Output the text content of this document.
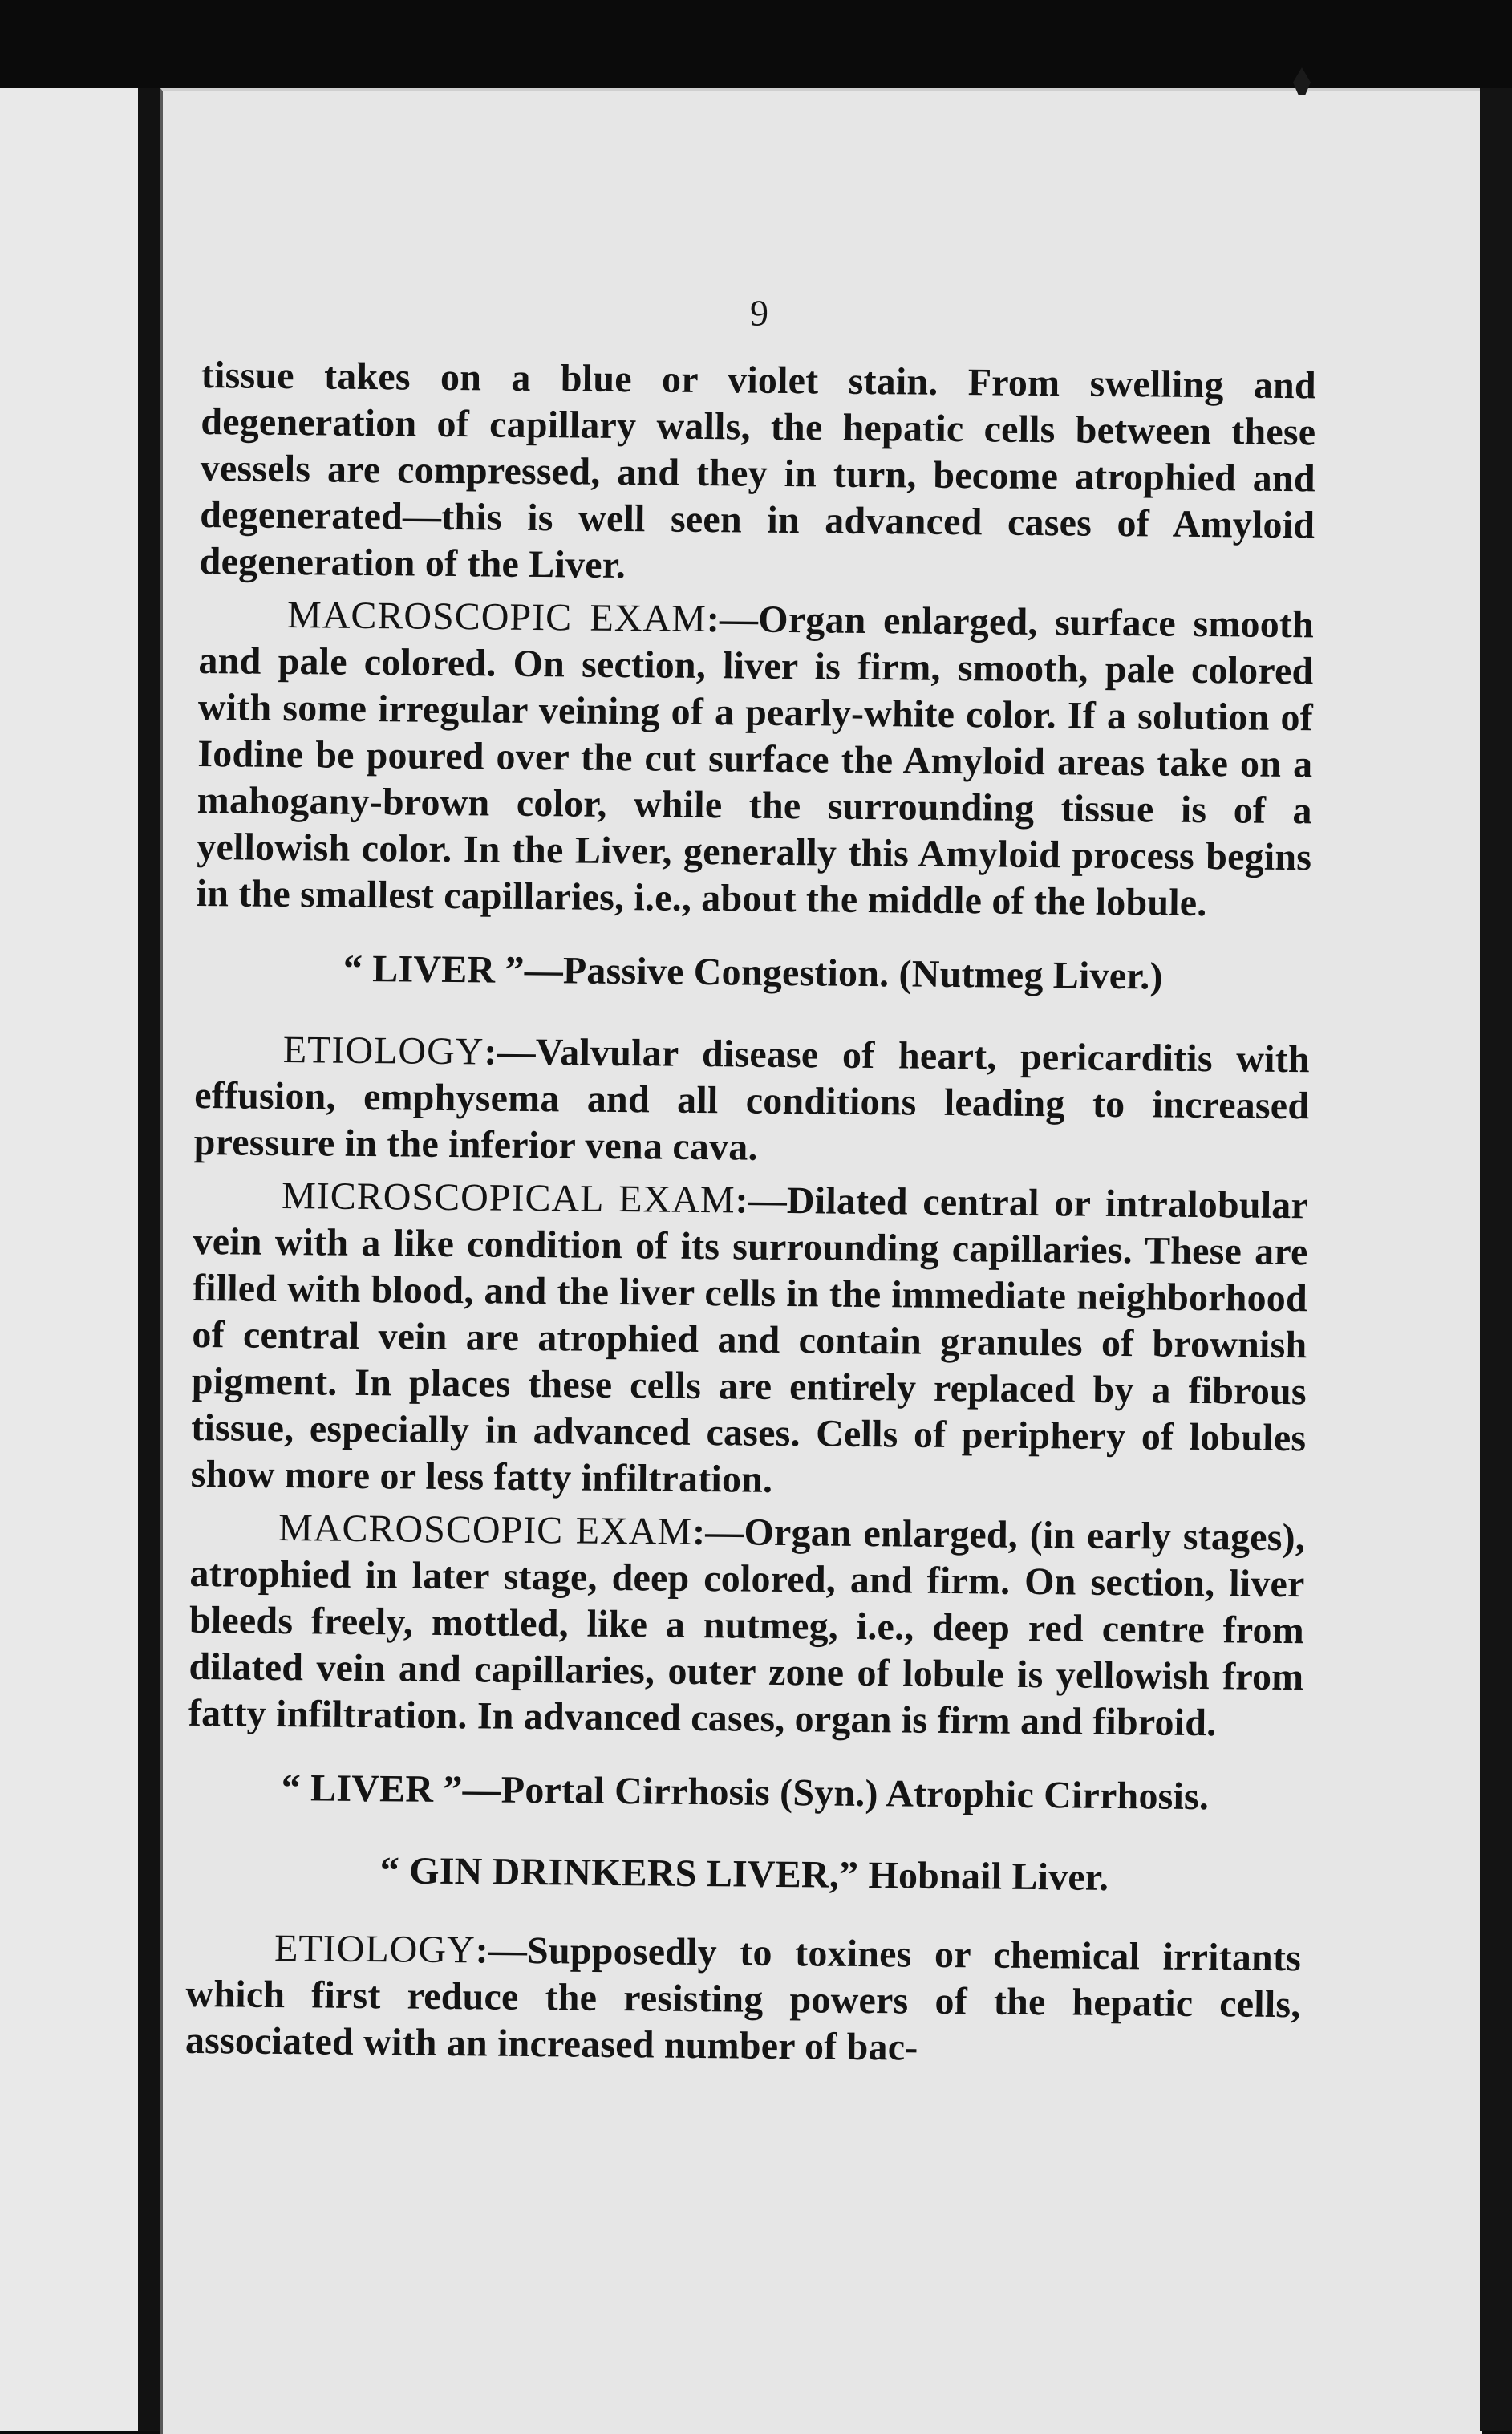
9

tissue takes on a blue or violet stain. From swelling and degeneration of capillary walls, the hepatic cells between these vessels are compressed, and they in turn, become atrophied and degenerated—this is well seen in advanced cases of Amyloid degeneration of the Liver.

MACROSCOPIC EXAM:—Organ enlarged, surface smooth and pale colored. On section, liver is firm, smooth, pale colored with some irregular veining of a pearly-white color. If a solution of Iodine be poured over the cut surface the Amyloid areas take on a mahogany-brown color, while the surrounding tissue is of a yellowish color. In the Liver, generally this Amyloid process begins in the smallest capillaries, i.e., about the middle of the lobule.

“ LIVER ”—Passive Congestion. (Nutmeg Liver.)

ETIOLOGY:—Valvular disease of heart, pericarditis with effusion, emphysema and all conditions leading to increased pressure in the inferior vena cava.

MICROSCOPICAL EXAM:—Dilated central or intralobular vein with a like condition of its surrounding capillaries. These are filled with blood, and the liver cells in the immediate neighborhood of central vein are atrophied and contain granules of brownish pigment. In places these cells are entirely replaced by a fibrous tissue, especially in advanced cases. Cells of periphery of lobules show more or less fatty infiltration.

MACROSCOPIC EXAM:—Organ enlarged, (in early stages), atrophied in later stage, deep colored, and firm. On section, liver bleeds freely, mottled, like a nutmeg, i.e., deep red centre from dilated vein and capillaries, outer zone of lobule is yellowish from fatty infiltration. In advanced cases, organ is firm and fibroid.

“ LIVER ”—Portal Cirrhosis (Syn.) Atrophic Cirrhosis.
“ GIN DRINKERS LIVER,” Hobnail Liver.

ETIOLOGY:—Supposedly to toxines or chemical irritants which first reduce the resisting powers of the hepatic cells, associated with an increased number of bac-
